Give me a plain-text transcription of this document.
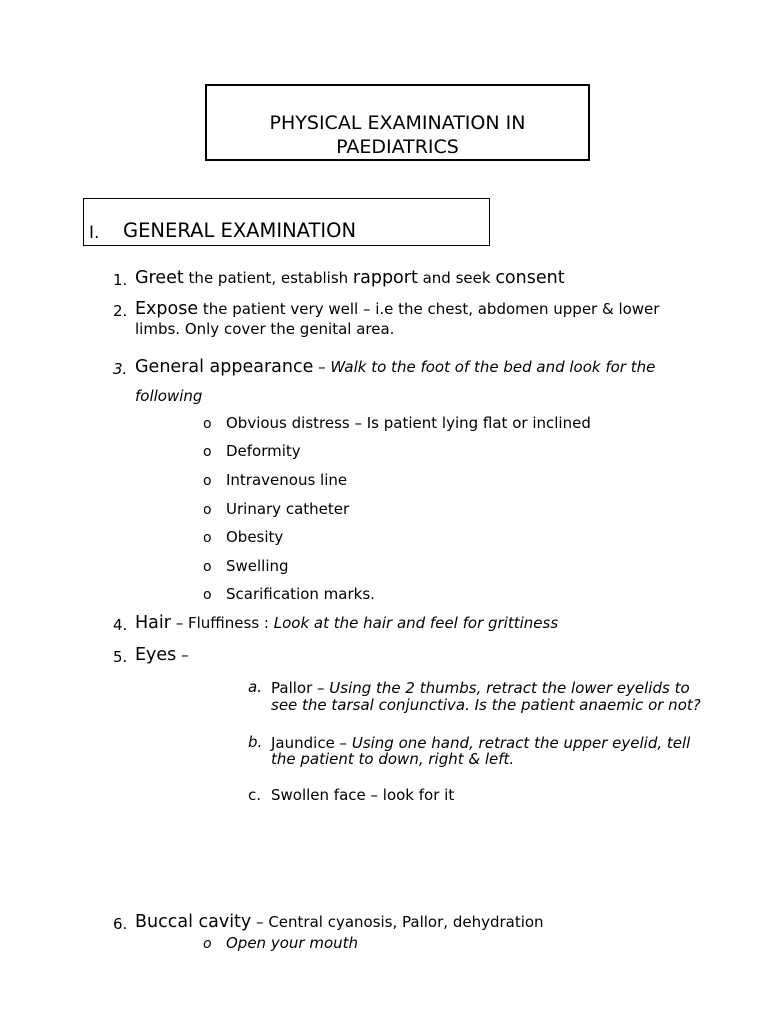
PHYSICAL EXAMINATION IN
PAEDIATRICS
I. GENERAL EXAMINATION
1. Greet the patient, establish rapport and seek consent
2. Expose the patient very well – i.e the chest, abdomen upper & lower
limbs. Only cover the genital area.
3. General appearance – Walk to the foot of the bed and look for the
following
o Obvious distress – Is patient lying flat or inclined
o Deformity
o Intravenous line
o Urinary catheter
o Obesity
o Swelling
o Scarification marks.
4. Hair – Fluffiness : Look at the hair and feel for grittiness
5. Eyes –
a. Pallor – Using the 2 thumbs, retract the lower eyelids to
see the tarsal conjunctiva. Is the patient anaemic or not?
b. Jaundice – Using one hand, retract the upper eyelid, tell
the patient to down, right & left.
c. Swollen face – look for it
6. Buccal cavity – Central cyanosis, Pallor, dehydration
o Open your mouth
